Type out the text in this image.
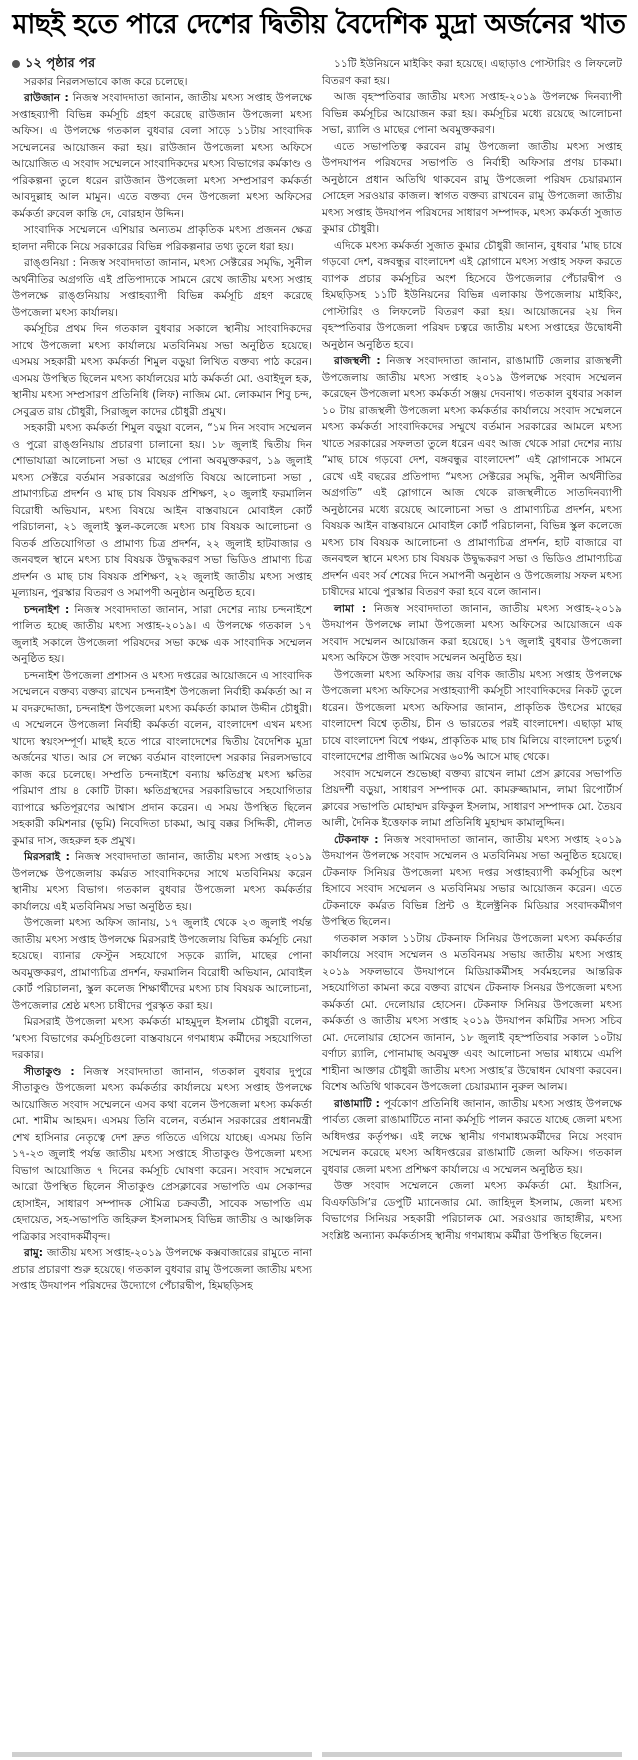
মাছই হতে পারে দেশের দ্বিতীয় বৈদেশিক মুদ্রা অর্জনের খাত
১২ পৃষ্ঠার পর

সরকার নিরলসভাবে কাজ করে চলেছে।

রাউজান : নিজস্ব সংবাদদাতা জানান, জাতীয় মৎস্য সপ্তাহ উপলক্ষে সপ্তাহব্যাপী বিভিন্ন কর্মসূচি গ্রহণ করেছে রাউজান উপজেলা মৎস্য অফিস। এ উপলক্ষে গতকাল বুধবার বেলা সাড়ে ১১টায় সাংবাদিক সম্মেলনের আয়োজন করা হয়। রাউজান উপজেলা মৎস্য অফিসে আয়োজিত এ সংবাদ সম্মেলনে সাংবাদিকদের মৎস্য বিভাগের কর্মকাণ্ড ও পরিকল্পনা তুলে ধরেন রাউজান উপজেলা মৎস্য সম্প্রসারণ কর্মকর্তা আবদুল্লাহ আল মামুন। এতে বক্তব্য দেন উপজেলা মৎস্য অফিসের কর্মকর্তা রুবেল কান্তি দে, বোরহান উদ্দিন।

সাংবাদিক সম্মেলনে এশিয়ার অন্যতম প্রাকৃতিক মৎস্য প্রজনন ক্ষেত্র হালদা নদীকে নিয়ে সরকারের বিভিন্ন পরিকল্পনার তথ্য তুলে ধরা হয়।

রাঙ্গুনিয়া : নিজস্ব সংবাদদাতা জানান, মৎস্য সেক্টরের সমৃদ্ধি, সুনীল অর্থনীতির অগ্রগতি এই প্রতিপাদ্যকে সামনে রেখে জাতীয় মৎস্য সপ্তাহ উপলক্ষে রাঙ্গুনিয়ায় সপ্তাহব্যাপী বিভিন্ন কর্মসূচি গ্রহণ করেছে উপজেলা মৎস্য কার্যালয়।

কর্মসূচির প্রথম দিন গতকাল বুধবার সকালে স্থানীয় সাংবাদিকদের সাথে উপজেলা মৎস্য কার্যালয়ে মতবিনিময় সভা অনুষ্ঠিত হয়েছে। এসময় সহকারী মৎস্য কর্মকর্তা শিমুল বড়ুয়া লিখিত বক্তব্য পাঠ করেন। এসময় উপস্থিত ছিলেন মৎস্য কার্যালয়ের মাঠ কর্মকর্তা মো. ওবাইদুল হক, স্থানীয় মৎস্য সম্প্রসারণ প্রতিনিধি (লিফ) নাজিম মো. লোকমান শিবু চন্দ, সেবুব্রত রায় চৌধুরী, সিরাজুল কাদের চৌধুরী প্রমুখ।

সহকারী মৎস্য কর্মকর্তা শিমুল বড়ুয়া বলেন, “১ম দিন সংবাদ সম্মেলন ও পুরো রাঙ্গুনিয়ায় প্রচারণা চালানো হয়। ১৮ জুলাই দ্বিতীয় দিন শোভাযাত্রা আলোচনা সভা ও মাছের পোনা অবমুক্তকরণ, ১৯ জুলাই মৎস্য সেক্টরে বর্তমান সরকারের অগ্রগতি বিষয়ে আলোচনা সভা , প্রামাণ্যচিত্র প্রদর্শন ও মাছ চাষ বিষয়ক প্রশিক্ষণ, ২০ জুলাই ফরমালিন বিরোধী অভিযান, মৎস্য বিষয়ে আইন বাস্তবায়নে মোবাইল কোর্ট পরিচালনা, ২১ জুলাই স্কুল-কলেজে মৎস্য চাষ বিষয়ক আলোচনা ও বিতর্ক প্রতিযোগিতা ও প্রামাণ্য চিত্র প্রদর্শন, ২২ জুলাই হাটবাজার ও জনবহুল স্থানে মৎস্য চাষ বিষয়ক উদ্বুদ্ধকরণ সভা ভিডিও প্রামাণ্য চিত্র প্রদর্শন ও মাছ চাষ বিষয়ক প্রশিক্ষণ, ২২ জুলাই জাতীয় মৎস্য সপ্তাহ মূল্যায়ন, পুরস্কার বিতরণ ও সমাপণী অনুষ্ঠান অনুষ্ঠিত হবে।

চন্দনাইশ : নিজস্ব সংবাদদাতা জানান, সারা দেশের ন্যায় চন্দনাইশে পালিত হচ্ছে জাতীয় মৎস্য সপ্তাহ-২০১৯। এ উপলক্ষে গতকাল ১৭ জুলাই সকালে উপজেলা পরিষদের সভা কক্ষে এক সাংবাদিক সম্মেলন অনুষ্ঠিত হয়।

চন্দনাইশ উপজেলা প্রশাসন ও মৎস্য দপ্তরের আয়োজনে এ সাংবাদিক সম্মেলনে বক্তব্য বক্তব্য রাখেন চন্দনাইশ উপজেলা নির্বাহী কর্মকর্তা আ ন ম বদরুদ্দোজা, চন্দনাইশ উপজেলা মৎস্য কর্মকর্তা কামাল উদ্দীন চৌধুরী। এ সম্মেলনে উপজেলা নির্বাহী কর্মকর্তা বলেন, বাংলাদেশ এখন মৎস্য খাদ্যে স্বয়ংসম্পূর্ণ। মাছই হতে পারে বাংলাদেশের দ্বিতীয় বৈদেশিক মুদ্রা অর্জনের খাত। আর সে লক্ষ্যে বর্তমান বাংলাদেশ সরকার নিরলসভাবে কাজ করে চলেছে। সম্প্রতি চন্দনাইশে বন্যায় ক্ষতিগ্রস্থ মৎস্য ক্ষতির পরিমাণ প্রায় ৪ কোটি টাকা। ক্ষতিগ্রস্থদের সরকারিভাবে সহযোগিতার ব্যাপারে ক্ষতিপূরণের আশ্বাস প্রদান করেন। এ সময় উপস্থিত ছিলেন সহকারী কমিশনার (ভূমি) নিবেদিতা চাকমা, আবু বক্কর সিদ্দিকী, দৌলত কুমার দাস, জহরুল হক প্রমুখ।

মিরসরাই : নিজস্ব সংবাদদাতা জানান, জাতীয় মৎস্য সপ্তাহ ২০১৯ উপলক্ষে উপজেলায় কর্মরত সাংবাদিকদের সাথে মতবিনিময় করেন স্থানীয় মৎস্য বিভাগ। গতকাল বুধবার উপজেলা মৎস্য কর্মকর্তার কার্যালয়ে এই মতবিনিময় সভা অনুষ্ঠিত হয়।

উপজেলা মৎস্য অফিস জানায়, ১৭ জুলাই থেকে ২৩ জুলাই পর্যন্ত জাতীয় মৎস্য সপ্তাহ উপলক্ষে মিরসরাই উপজেলায় বিভিন্ন কর্মসূচি নেয়া হয়েছে। ব্যানার ফেস্টুন সহযোগে সড়কে র‍্যালি, মাছের পোনা অবমুক্তকরণ, প্রামাণ্যচিত্র প্রদর্শন, ফরমালিন বিরোধী অভিযান, মোবাইল কোর্ট পরিচালনা, স্কুল কলেজ শিক্ষার্থীদের মৎস্য চাষ বিষয়ক আলোচনা, উপজেলার শ্রেষ্ঠ মৎস্য চাষীদের পুরস্কৃত করা হয়।

মিরসরাই উপজেলা মৎস্য কর্মকর্তা মাহমুদুল ইসলাম চৌধুরী বলেন, ‘মৎস্য বিভাগের কর্মসূচিগুলো বাস্তবায়নে গণমাধ্যম কর্মীদের সহযোগিতা দরকার।

সীতাকুণ্ড : নিজস্ব সংবাদদাতা জানান, গতকাল বুধবার দুপুরে সীতাকুণ্ড উপজেলা মৎস্য কর্মকর্তার কার্যালয়ে মৎস্য সপ্তাহ উপলক্ষে আয়োজিত সংবাদ সম্মেলনে এসব কথা বলেন উপজেলা মৎস্য কর্মকর্তা মো. শামীম আহমদ। এসময় তিনি বলেন, বর্তমান সরকারের প্রধানমন্ত্রী শেখ হাসিনার নেতৃত্বে দেশ দ্রুত গতিতে এগিয়ে যাচ্ছে। এসময় তিনি ১৭-২৩ জুলাই পর্যন্ত জাতীয় মৎস্য সপ্তাহে সীতাকুণ্ড উপজেলা মৎস্য বিভাগ আয়োজিত ৭ দিনের কর্মসূচি ঘোষণা করেন। সংবাদ সম্মেলনে আরো উপস্থিত ছিলেন সীতাকুণ্ড প্রেসক্লাবের সভাপতি এম সেকান্দর হোসাইন, সাধারণ সম্পাদক সৌমিত্র চক্রবর্তী, সাবেক সভাপতি এম হেদায়েত, সহ-সভাপতি জহিরুল ইসলামসহ বিভিন্ন জাতীয় ও আঞ্চলিক পত্রিকার সংবাদকর্মীবৃন্দ।

রামু: জাতীয় মৎস্য সপ্তাহ-২০১৯ উপলক্ষে কক্সবাজারের রামুতে নানা প্রচার প্রচারণা শুরু হয়েছে। গতকাল বুধবার রামু উপজেলা জাতীয় মৎস্য সপ্তাহ উদযাপন পরিষদের উদ্যোগে পেঁচারদ্বীপ, হিমছড়িসহ

১১টি ইউনিয়নে মাইকিং করা হয়েছে। এছাড়াও পোস্টারিং ও লিফলেট বিতরণ করা হয়।

আজ বৃহস্পতিবার জাতীয় মৎস্য সপ্তাহ-২০১৯ উপলক্ষে দিনব্যাপী বিভিন্ন কর্মসূচির আয়োজন করা হয়। কর্মসূচির মধ্যে রয়েছে আলোচনা সভা, র‍্যালি ও মাছের পোনা অবমুক্তকরণ।

এতে সভাপতিত্ব করবেন রামু উপজেলা জাতীয় মৎস্য সপ্তাহ উপদযাপন পরিষদের সভাপতি ও নির্বাহী অফিসার প্রণয় চাকমা। অনুষ্ঠানে প্রধান অতিথি থাকবেন রামু উপজেলা পরিষদ চেয়ারম্যান সোহেল সরওয়ার কাজল। স্বাগত বক্তব্য রাখবেন রামু উপজেলা জাতীয় মৎস্য সপ্তাহ উদযাপন পরিষদের সাধারণ সম্পাদক, মৎস্য কর্মকর্তা সুজাত কুমার চৌধুরী।

এদিকে মৎস্য কর্মকর্তা সুজাত কুমার চৌধুরী জানান, বুধবার ‘মাছ চাষে গড়বো দেশ, বঙ্গবন্ধুর বাংলাদেশ এই স্লোগানে মৎস্য সপ্তাহ সফল করতে ব্যাপক প্রচার কর্মসূচির অংশ হিসেবে উপজেলার পেঁচারদ্বীপ ও হিমছড়িসহ ১১টি ইউনিয়নের বিভিন্ন এলাকায় উপজেলায় মাইকিং, পোস্টারিং ও লিফলেট বিতরণ করা হয়। আয়োজনের ২য় দিন বৃহস্পতিবার উপজেলা পরিষদ চত্বরে জাতীয় মৎস্য সপ্তাহের উদ্বোধনী অনুষ্ঠান অনুষ্ঠিত হবে।

রাজস্থলী : নিজস্ব সংবাদদাতা জানান, রাঙামাটি জেলার রাজস্থলী উপজেলায় জাতীয় মৎস্য সপ্তাহ ২০১৯ উপলক্ষে সংবাদ সম্মেলন করেছেন উপজেলা মৎস্য কর্মকর্তা সঞ্জয় দেবনাথ। গতকাল বুধবার সকাল ১০ টায় রাজস্থলী উপজেলা মৎস্য কর্মকর্তার কার্যালয়ে সংবাদ সম্মেলনে মৎস্য কর্মকর্তা সাংবাদিকদের সম্মুখে বর্তমান সরকারের আমলে মৎস্য খাতে সরকারের সফলতা তুলে ধরেন এবং আজ থেকে সারা দেশের ন্যায় “মাছ চাষে গড়বো দেশ, বঙ্গবন্ধুর বাংলাদেশ” এই স্লোগানকে সামনে রেখে এই বছরের প্রতিপাদ্য “মৎস্য সেক্টরের সমৃদ্ধি, সুনীল অর্থনীতির অগ্রগতি” এই স্লোগানে আজ থেকে রাজস্থলীতে সাতদিনব্যাপী অনুষ্ঠানের মধ্যে রয়েছে আলোচনা সভা ও প্রামাণ্যচিত্র প্রদর্শন, মৎস্য বিষয়ক আইন বাস্তবায়নে মোবাইল কোর্ট পরিচালনা, বিভিন্ন স্কুল কলেজে মৎস্য চাষ বিষয়ক আলোচনা ও প্রামাণ্যচিত্র প্রদর্শন, হাট বাজারে বা জনবহুল স্থানে মৎস্য চাষ বিষয়ক উদ্বুদ্ধকরণ সভা ও ভিডিও প্রামাণ্যচিত্র প্রদর্শন এবং সর্ব শেষের দিনে সমাপনী অনুষ্ঠান ও উপজেলায় সফল মৎস্য চাষীদের মাঝে পুরস্কার বিতরণ করা হবে বলে জানান।

লামা : নিজস্ব সংবাদদাতা জানান, জাতীয় মৎস্য সপ্তাহ-২০১৯ উদযাপন উপলক্ষে লামা উপজেলা মৎস্য অফিসের আয়োজনে এক সংবাদ সম্মেলন আয়োজন করা হয়েছে। ১৭ জুলাই বুধবার উপজেলা মৎস্য অফিসে উক্ত সংবাদ সম্মেলন অনুষ্ঠিত হয়।

উপজেলা মৎস্য অফিসার জয় বণিক জাতীয় মৎস্য সপ্তাহ উপলক্ষে উপজেলা মৎস্য অফিসের সপ্তাহব্যাপী কর্মসূচী সাংবাদিকদের নিকট তুলে ধরেন। উপজেলা মৎস্য অফিসার জানান, প্রাকৃতিক উৎসের মাছের বাংলাদেশ বিশ্বে তৃতীয়, চীন ও ভারতের পরই বাংলাদেশ। এছাড়া মাছ চাষে বাংলাদেশ বিশ্বে পঞ্চম, প্রাকৃতিক মাছ চাষ মিলিয়ে বাংলাদেশ চতুর্থ। বাংলাদেশের প্রাণীজ আমিষের ৬০% আসে মাছ থেকে।

সংবাদ সম্মেলনে শুভেচ্ছা বক্তব্য রাখেন লামা প্রেস ক্লাবের সভাপতি প্রিয়দর্শী বড়ুয়া, সাধারণ সম্পাদক মো. কামরুজ্জামান, লামা রিপোর্টার্স ক্লাবের সভাপতি মোহাম্মদ রফিকুল ইসলাম, সাধারণ সম্পাদক মো. তৈয়ব আলী, দৈনিক ইত্তেফাক লামা প্রতিনিধি মুহাম্মদ কামালুদ্দিন।

টেকনাফ : নিজস্ব সংবাদদাতা জানান, জাতীয় মৎস্য সপ্তাহ ২০১৯ উদযাপন উপলক্ষে সংবাদ সম্মেলন ও মতবিনিময় সভা অনুষ্ঠিত হয়েছে। টেকনাফ সিনিয়র উপজেলা মৎস্য দপ্তর সপ্তাহব্যাপী কর্মসূচির অংশ হিসাবে সংবাদ সম্মেলন ও মতবিনিময় সভার আয়োজন করেন। এতে টেকনাফে কর্মরত বিভিন্ন প্রিন্ট ও ইলেক্ট্রনিক মিডিয়ার সংবাদকর্মীগণ উপস্থিত ছিলেন।

গতকাল সকাল ১১টায় টেকনাফ সিনিয়র উপজেলা মৎস্য কর্মকর্তার কার্যালয়ে সংবাদ সম্মেলন ও মতবিনময় সভায় জাতীয় মৎস্য সপ্তাহ ২০১৯ সফলভাবে উদযাপনে মিডিয়াকর্মীসহ সর্বমহলের আন্তরিক সহযোগিতা কামনা করে বক্তব্য রাখেন টেকনাফ সিনয়র উপজেলা মৎস্য কর্মকর্তা মো. দেলোয়ার হোসেন। টেকনাফ সিনিয়র উপজেলা মৎস্য কর্মকর্তা ও জাতীয় মৎস্য সপ্তাহ ২০১৯ উদযাপন কমিটির সদস্য সচিব মো. দেলোয়ার হোসেন জানান, ১৮ জুলাই বৃহস্পতিবার সকাল ১০টায় বর্ণাঢ্য র‍্যালি, পোনামাছ অবমুক্ত এবং আলোচনা সভার মাধ্যমে এমপি শাহীনা আক্তার চৌধুরী জাতীয় মৎস্য সপ্তাহ’র উদ্বোধন ঘোষণা করবেন। বিশেষ অতিথি থাকবেন উপজেলা চেয়ারম্যান নুরুল আলম।

রাঙামাটি : পূর্বকোণ প্রতিনিধি জানান, জাতীয় মৎস্য সপ্তাহ উপলক্ষে পার্বত্য জেলা রাঙামাটিতে নানা কর্মসূচি পালন করতে যাচ্ছে জেলা মৎস্য অধিদপ্তর কর্তৃপক্ষ। এই লক্ষে স্থানীয় গণমাধ্যমকর্মীদের নিয়ে সংবাদ সম্মেলন করেছে মৎস্য অধিদপ্তরের রাঙামাটি জেলা অফিস। গতকাল বুধবার জেলা মৎস্য প্রশিক্ষণ কার্যালয়ে এ সম্মেলন অনুষ্ঠিত হয়।

উক্ত সংবাদ সম্মেলনে জেলা মৎস্য কর্মকর্তা মো. ইয়াসিন, বিএফডিসি’র ডেপুটি ম্যানেজার মো. জাহিদুল ইসলাম, জেলা মৎস্য বিভাগের সিনিয়র সহকারী পরিচালক মো. সরওয়ার জাহাঙ্গীর, মৎস্য সংশ্লিষ্ট অন্যান্য কর্মকর্তাসহ স্থানীয় গণমাধ্যম কর্মীরা উপস্থিত ছিলেন।
